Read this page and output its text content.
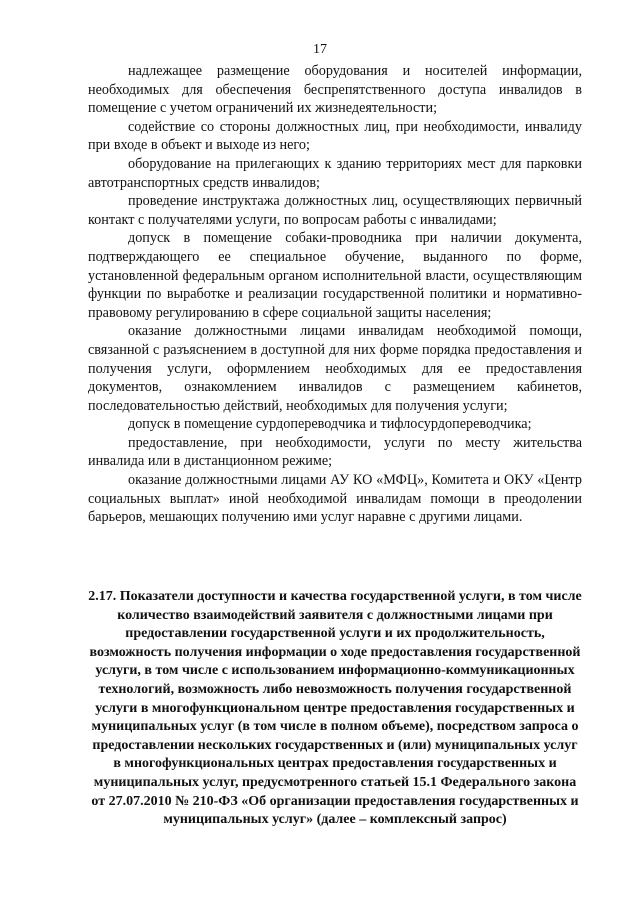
17

надлежащее размещение оборудования и носителей информации, необходимых для обеспечения беспрепятственного доступа инвалидов в помещение с учетом ограничений их жизнедеятельности;

содействие со стороны должностных лиц, при необходимости, инвалиду при входе в объект и выходе из него;

оборудование на прилегающих к зданию территориях мест для парковки автотранспортных средств инвалидов;

проведение инструктажа должностных лиц, осуществляющих первичный контакт с получателями услуги, по вопросам работы с инвалидами;

допуск в помещение собаки-проводника при наличии документа, подтверждающего ее специальное обучение, выданного по форме, установленной федеральным органом исполнительной власти, осуществляющим функции по выработке и реализации государственной политики и нормативно-правовому регулированию в сфере социальной защиты населения;

оказание должностными лицами инвалидам необходимой помощи, связанной с разъяснением в доступной для них форме порядка предоставления и получения услуги, оформлением необходимых для ее предоставления документов, ознакомлением инвалидов с размещением кабинетов, последовательностью действий, необходимых для получения услуги;

допуск в помещение сурдопереводчика и тифлосурдопереводчика;

предоставление, при необходимости, услуги по месту жительства инвалида или в дистанционном режиме;

оказание должностными лицами АУ КО «МФЦ», Комитета и ОКУ «Центр социальных выплат» иной необходимой инвалидам помощи в преодолении барьеров, мешающих получению ими услуг наравне с другими лицами.

2.17. Показатели доступности и качества государственной услуги, в том числе количество взаимодействий заявителя с должностными лицами при предоставлении государственной услуги и их продолжительность, возможность получения информации о ходе предоставления государственной услуги, в том числе с использованием информационно-коммуникационных технологий, возможность либо невозможность получения государственной услуги в многофункциональном центре предоставления государственных и муниципальных услуг (в том числе в полном объеме), посредством запроса о предоставлении нескольких государственных и (или) муниципальных услуг в многофункциональных центрах предоставления государственных и муниципальных услуг, предусмотренного статьей 15.1 Федерального закона от 27.07.2010 № 210-ФЗ «Об организации предоставления государственных и муниципальных услуг» (далее – комплексный запрос)
